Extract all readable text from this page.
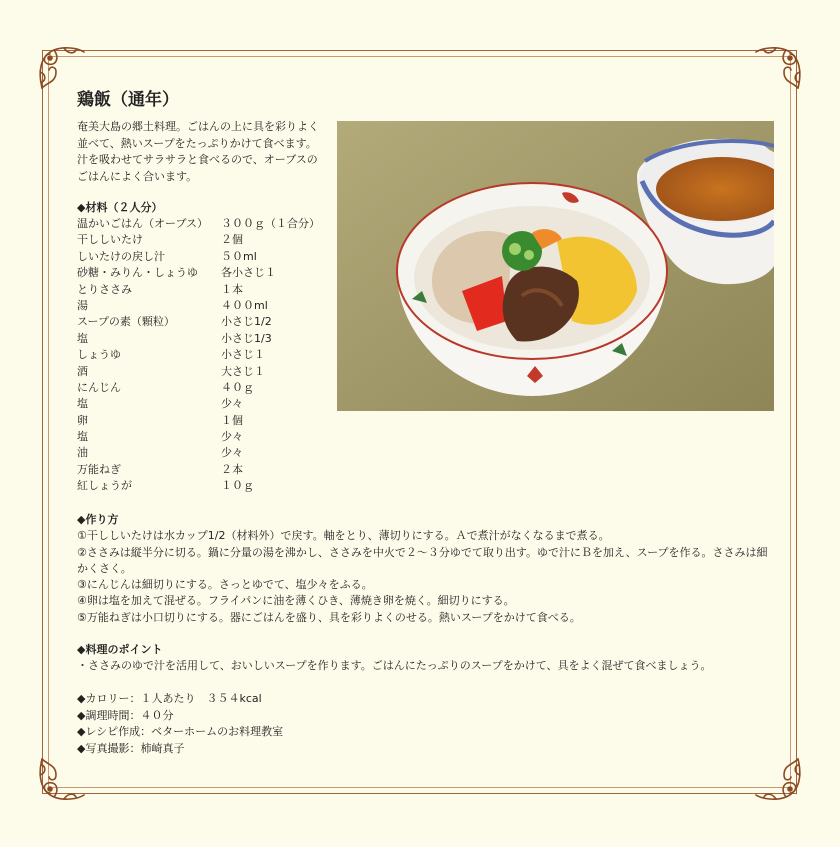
鶏飯（通年）
奄美大島の郷土料理。ごはんの上に具を彩りよく並べて、熱いスープをたっぷりかけて食べます。汁を吸わせてサラサラと食べるので、オーブスのごはんによく合います。
◆材料（２人分）
温かいごはん（オーブス） ３００ｇ（１合分）
干ししいたけ	２個
しいたけの戻し汁	５０ml
砂糖・みりん・しょうゆ 各小さじ１
とりささみ	１本
湯	４００ml
スープの素（顆粒）	小さじ1/2
塩	小さじ1/3
しょうゆ	小さじ１
酒	大さじ１
にんじん	４０ｇ
塩	少々
卵	１個
塩	少々
油	少々
万能ねぎ	２本
紅しょうが	１０ｇ
◆作り方
①干ししいたけは水カップ1/2（材料外）で戻す。軸をとり、薄切りにする。Ａで煮汁がなくなるまで煮る。
②ささみは縦半分に切る。鍋に分量の湯を沸かし、ささみを中火で２～３分ゆでて取り出す。ゆで汁にＢを加え、スープを作る。ささみは細かくさく。
③にんじんは細切りにする。さっとゆでて、塩少々をふる。
④卵は塩を加えて混ぜる。フライパンに油を薄くひき、薄焼き卵を焼く。細切りにする。
⑤万能ねぎは小口切りにする。器にごはんを盛り、具を彩りよくのせる。熱いスープをかけて食べる。
◆料理のポイント
・ささみのゆで汁を活用して、おいしいスープを作ります。ごはんにたっぷりのスープをかけて、具をよく混ぜて食べましょう。
◆カロリー：１人あたり　３５４kcal
◆調理時間：４０分
◆レシピ作成：ベターホームのお料理教室
◆写真撮影：柿崎真子
